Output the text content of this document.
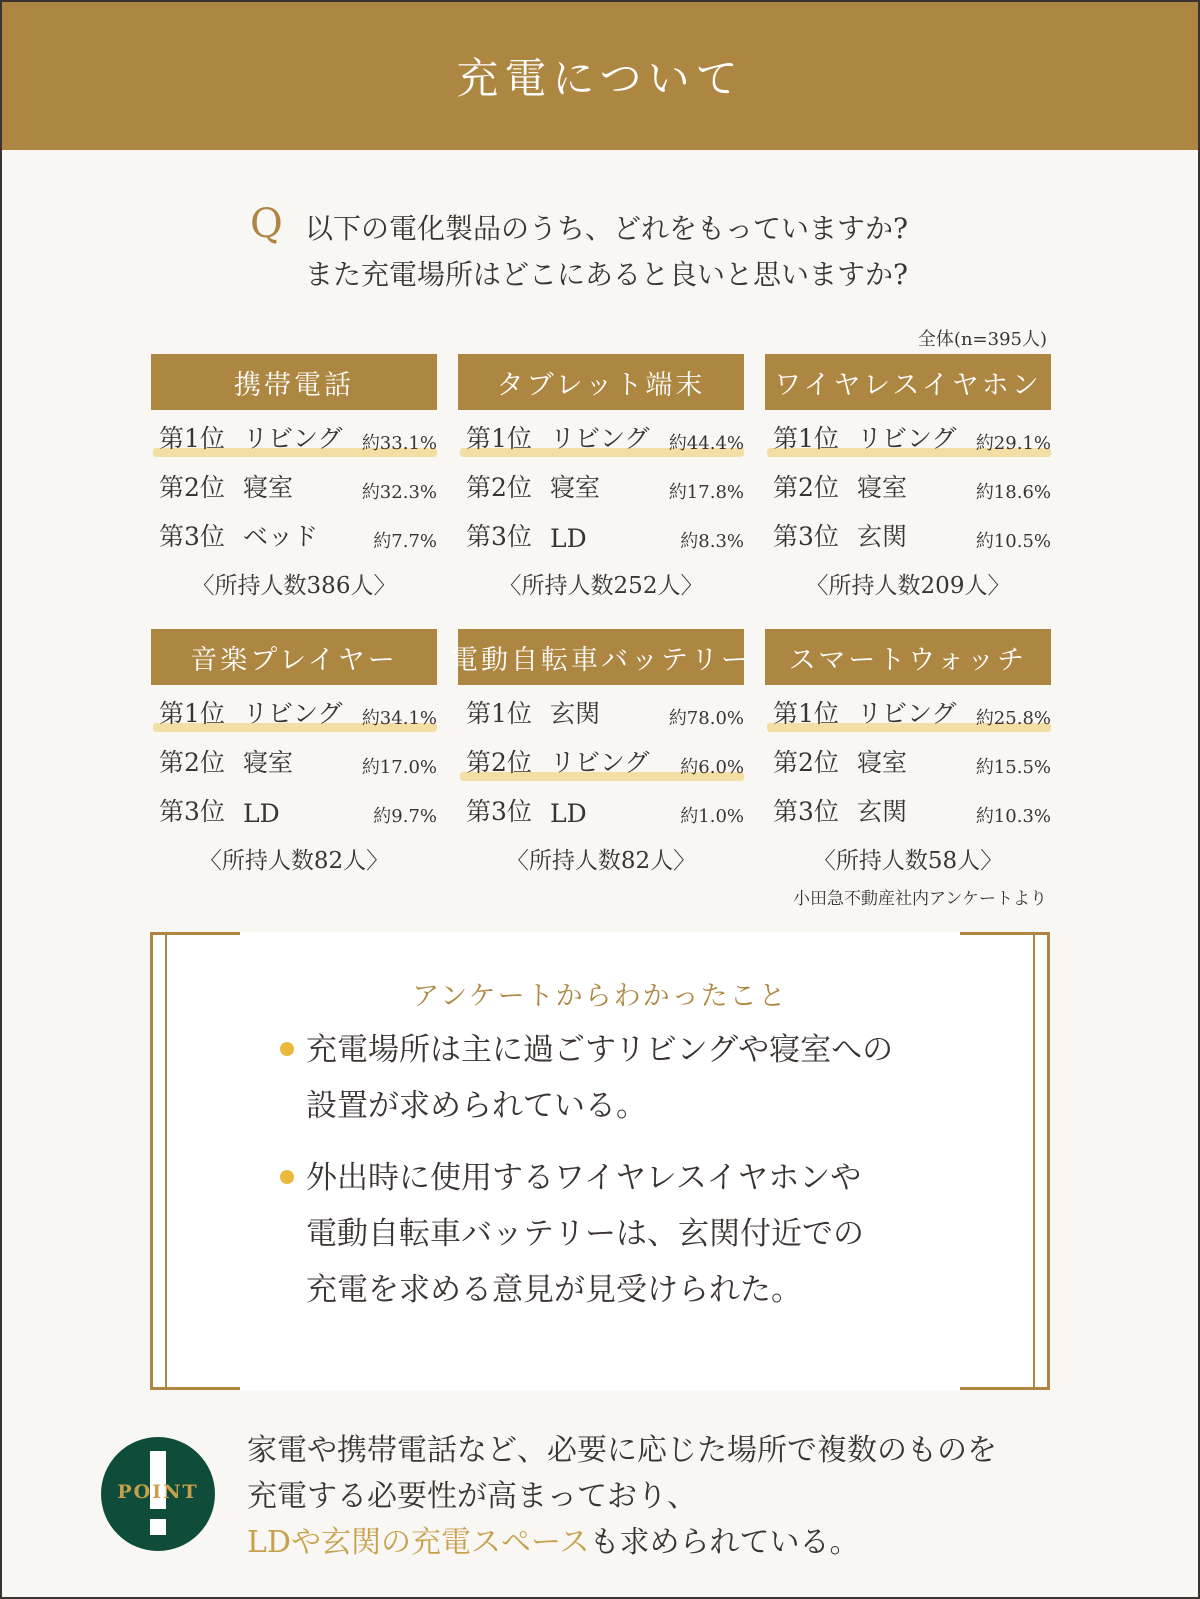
充電について
Q 以下の電化製品のうち、どれをもっていますか?
また充電場所はどこにあると良いと思いますか?
全体(n=395人)
携帯電話
第1位 リビング	約33.1%
第2位 寝室	約32.3%
第3位 ベッド	約7.7%
〈所持人数386人〉
タブレット端末
第1位 リビング	約44.4%
第2位 寝室	約17.8%
第3位 LD	約8.3%
〈所持人数252人〉
ワイヤレスイヤホン
第1位 リビング	約29.1%
第2位 寝室	約18.6%
第3位 玄関	約10.5%
〈所持人数209人〉
音楽プレイヤー
第1位 リビング	約34.1%
第2位 寝室	約17.0%
第3位 LD	約9.7%
〈所持人数82人〉
電動自転車バッテリー
第1位 玄関	約78.0%
第2位 リビング	約6.0%
第3位 LD	約1.0%
〈所持人数82人〉
スマートウォッチ
第1位 リビング	約25.8%
第2位 寝室	約15.5%
第3位 玄関	約10.3%
〈所持人数58人〉
小田急不動産社内アンケートより
アンケートからわかったこと
充電場所は主に過ごすリビングや寝室への
設置が求められている。
外出時に使用するワイヤレスイヤホンや
電動自転車バッテリーは、玄関付近での
充電を求める意見が見受けられた。
POINT
家電や携帯電話など、必要に応じた場所で複数のものを
充電する必要性が高まっており、
LDや玄関の充電スペースも求められている。
